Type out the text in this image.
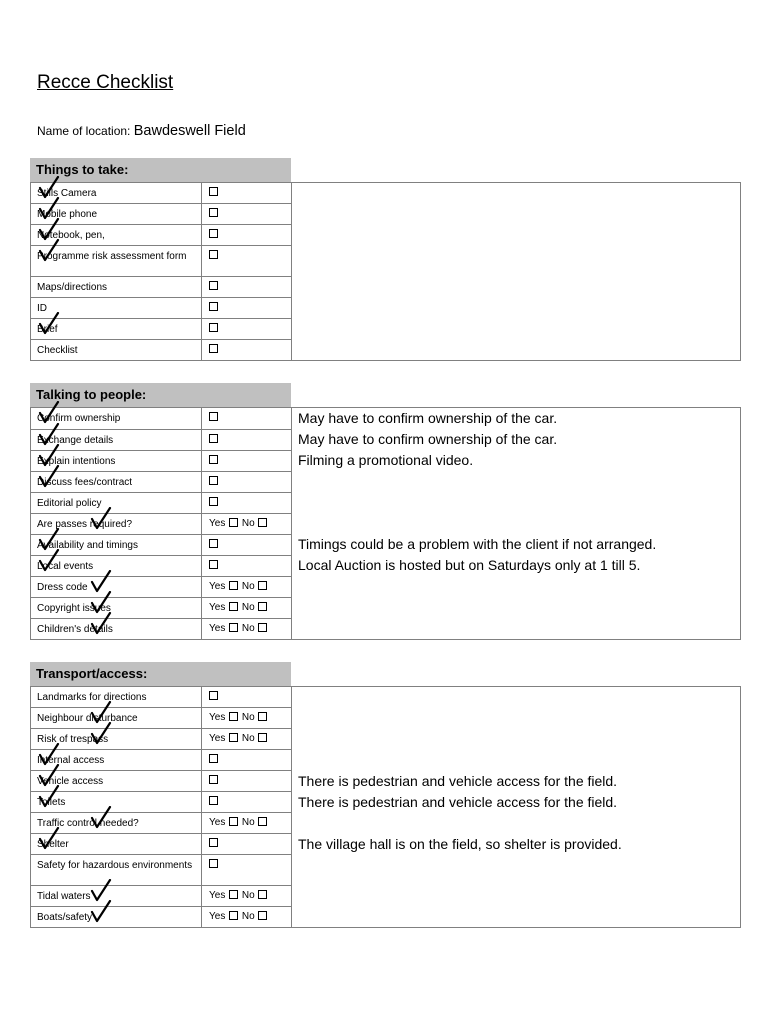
Recce Checklist
Name of location: Bawdeswell Field
Things to take:
Stills Camera		
Mobile phone		
Notebook, pen,		
Programme risk assessment form		
Maps/directions		
ID		
Brief		
Checklist		
Talking to people:
Confirm ownership		May have to confirm ownership of the car.
Exchange details		May have to confirm ownership of the car.
Explain intentions		Filming a promotional video.
Discuss fees/contract		
Editorial policy		
Are passes required?	Yes No	
Availability and timings		Timings could be a problem with the client if not arranged.
Local events		Local Auction is hosted but on Saturdays only at 1 till 5.
Dress code	Yes No	
Copyright issues	Yes No	
Children's details	Yes No	
Transport/access:
Landmarks for directions		
Neighbour disturbance	Yes No	
Risk of trespass	Yes No	
Internal access		
Vehicle access		There is pedestrian and vehicle access for the field.
Toilets		There is pedestrian and vehicle access for the field.
Traffic control needed?	Yes No	
Shelter		The village hall is on the field, so shelter is provided.
Safety for hazardous environments		
Tidal waters	Yes No	
Boats/safety	Yes No	
